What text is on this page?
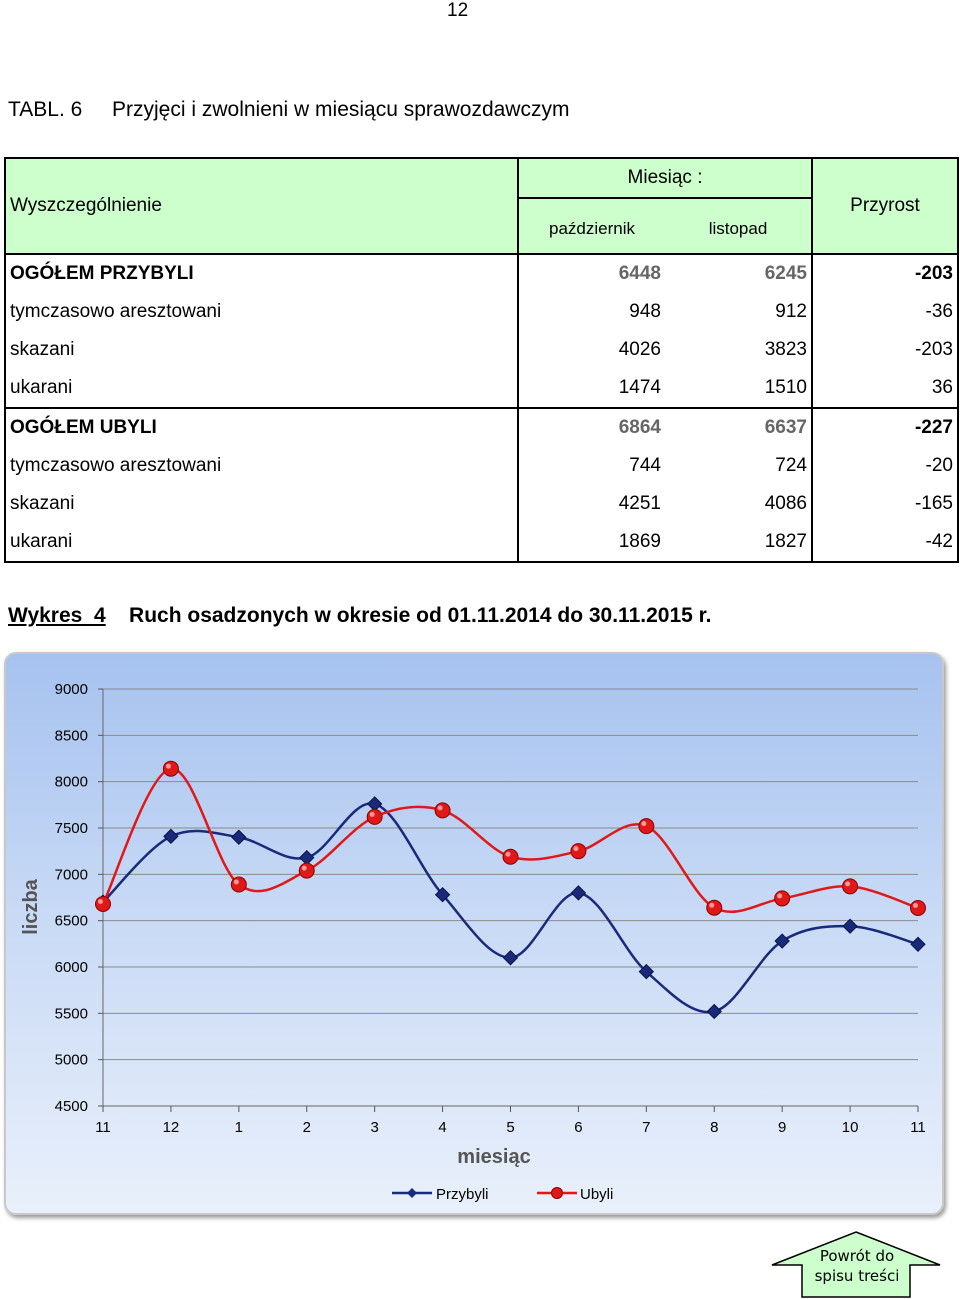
12
TABL. 6 Przyjęci i zwolnieni w miesiącu sprawozdawczym
Wyszczególnienie	Miesiąc :		Przyrost
	październik	listopad	
OGÓŁEM PRZYBYLI	6448	6245	-203
tymczasowo aresztowani	948	912	-36
skazani	4026	3823	-203
ukarani	1474	1510	36
OGÓŁEM UBYLI	6864	6637	-227
tymczasowo aresztowani	744	724	-20
skazani	4251	4086	-165
ukarani	1869	1827	-42
Wykres  4 Ruch osadzonych w okresie od 01.11.2014 do 30.11.2015 r.
9000
8500
8000
7500
7000
6500
6000
5500
5000
4500
11	12	1	2	3	4	5	6	7	8	9	10	11
miesiąc
liczba
Przybyli	Ubyli
Powrót do
spisu treści
